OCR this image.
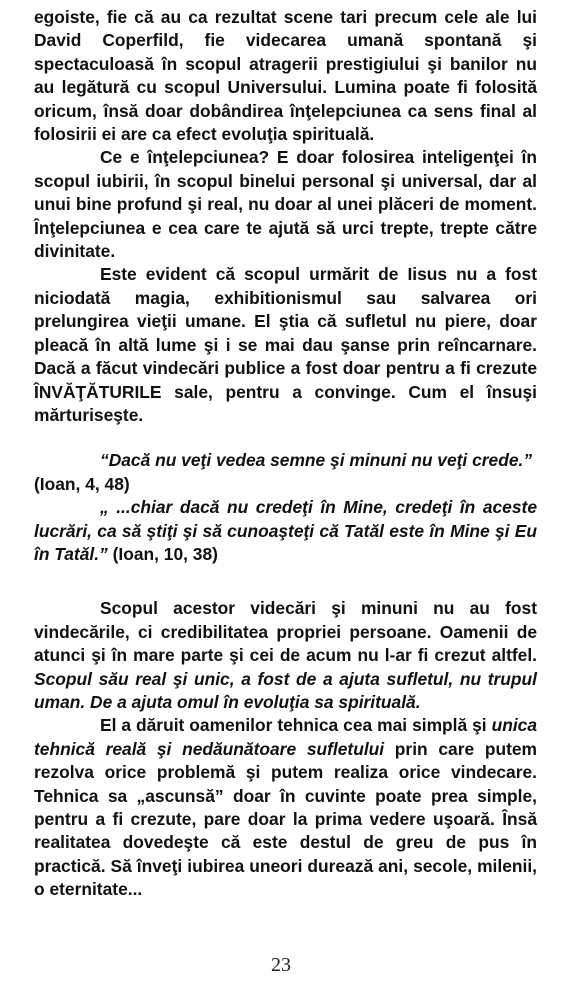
egoiste, fie că au ca rezultat scene tari precum cele ale lui David Coperfild, fie videcarea umană spontană şi spectaculoasă în scopul atragerii prestigiului şi banilor nu au legătură cu scopul Universului. Lumina poate fi folosită oricum, însă doar dobândirea înţelepciunea ca sens final al folosirii ei are ca efect evoluţia spirituală.

Ce e înţelepciunea? E doar folosirea inteligenţei în scopul iubirii, în scopul binelui personal şi universal, dar al unui bine profund şi real, nu doar al unei plăceri de moment. Înţelepciunea e cea care te ajută să urci trepte, trepte către divinitate.

Este evident că scopul urmărit de Iisus nu a fost niciodată magia, exhibitionismul sau salvarea ori prelungirea vieţii umane. El ştia că sufletul nu piere, doar pleacă în altă lume şi i se mai dau şanse prin reîncarnare. Dacă a făcut vindecări publice a fost doar pentru a fi crezute ÎNVĂŢĂTURILE sale, pentru a convinge. Cum el însuşi mărturiseşte.

“Dacă nu veţi vedea semne şi minuni nu veţi crede.”

(Ioan, 4, 48)

„ ...chiar dacă nu credeţi în Mine, credeţi în aceste lucrări, ca să ştiţi şi să cunoaşteţi că Tatăl este în Mine şi Eu în Tatăl.” (Ioan, 10, 38)

Scopul acestor videcări şi minuni nu au fost vindecările, ci credibilitatea propriei persoane. Oamenii de atunci şi în mare parte şi cei de acum nu l-ar fi crezut altfel. Scopul său real şi unic, a fost de a ajuta sufletul, nu trupul uman. De a ajuta omul în evoluţia sa spirituală.

El a dăruit oamenilor tehnica cea mai simplă şi unica tehnică reală şi nedăunătoare sufletului prin care putem rezolva orice problemă şi putem realiza orice vindecare. Tehnica sa „ascunsă” doar în cuvinte poate prea simple, pentru a fi crezute, pare doar la prima vedere uşoară. Însă realitatea dovedeşte că este destul de greu de pus în practică. Să înveţi iubirea uneori durează ani, secole, milenii, o eternitate...

23
